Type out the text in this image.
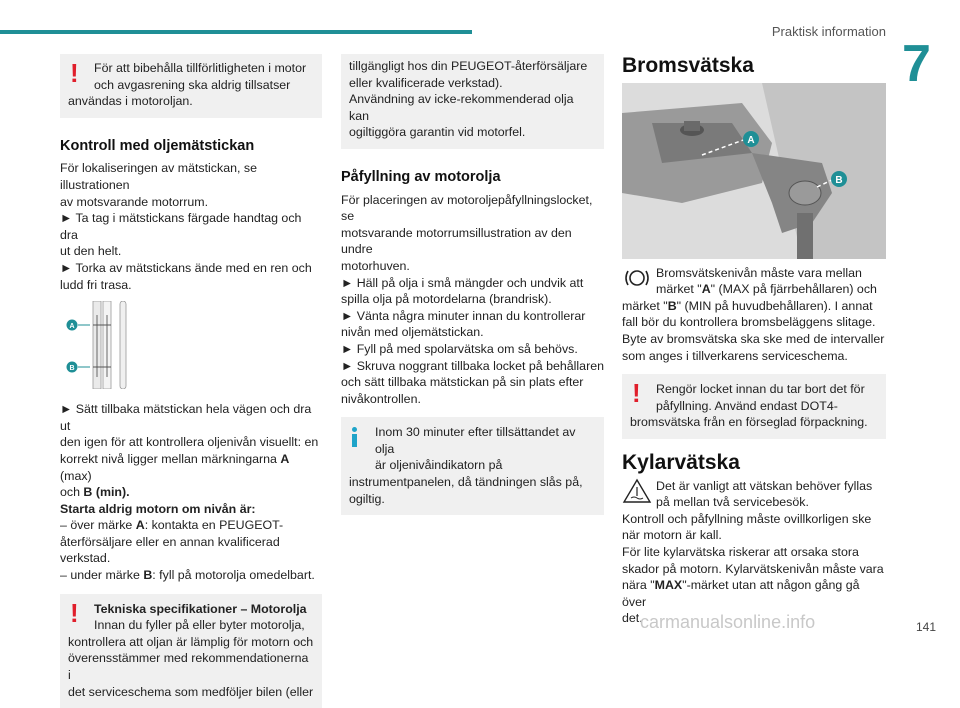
Praktisk information
7
!	För att bibehålla tillförlitligheten i motor

och avgasrening ska aldrig tillsatser

användas i motoroljan.

Kontroll med oljemätstickan

För lokaliseringen av mätstickan, se illustrationen

av motsvarande motorrum.

► Ta tag i mätstickans färgade handtag och dra

ut den helt.

► Torka av mätstickans ände med en ren och

ludd fri trasa.

A
B

► Sätt tillbaka mätstickan hela vägen och dra ut

den igen för att kontrollera oljenivån visuellt: en

korrekt nivå ligger mellan märkningarna A (max)

och B (min).

Starta aldrig motorn om nivån är:

– över märke A: kontakta en PEUGEOT-

återförsäljare eller en annan kvalificerad

verkstad.

– under märke B: fyll på motorolja omedelbart.

!	Tekniska specifikationer – Motorolja

Innan du fyller på eller byter motorolja,

kontrollera att oljan är lämplig för motorn och

överensstämmer med rekommendationerna i

det serviceschema som medföljer bilen (eller

tillgängligt hos din PEUGEOT-återförsäljare

eller kvalificerade verkstad).

Användning av icke-rekommenderad olja kan

ogiltiggöra garantin vid motorfel.

Påfyllning av motorolja

För placeringen av motoroljepåfyllningslocket, se

motsvarande motorrumsillustration av den undre

motorhuven.

► Häll på olja i små mängder och undvik att

spilla olja på motordelarna (brandrisk).

► Vänta några minuter innan du kontrollerar

nivån med oljemätstickan.

► Fyll på med spolarvätska om så behövs.

► Skruva noggrant tillbaka locket på behållaren

och sätt tillbaka mätstickan på sin plats efter

nivåkontrollen.

Inom 30 minuter efter tillsättandet av olja

är oljenivåindikatorn på

instrumentpanelen, då tändningen slås på,

ogiltig.

Bromsvätska
A
B

Bromsvätskenivån måste vara mellan

märket "A" (MAX på fjärrbehållaren) och

märket "B" (MIN på huvudbehållaren). I annat

fall bör du kontrollera bromsbeläggens slitage.

Byte av bromsvätska ska ske med de intervaller

som anges i tillverkarens serviceschema.

!	Rengör locket innan du tar bort det för

påfyllning. Använd endast DOT4-

bromsvätska från en förseglad förpackning.

Kylarvätska

Det är vanligt att vätskan behöver fyllas

på mellan två servicebesök.

Kontroll och påfyllning måste ovillkorligen ske

när motorn är kall.

För lite kylarvätska riskerar att orsaka stora

skador på motorn. Kylarvätskenivån måste vara

nära "MAX"-märket utan att någon gång gå över

det.

carmanualsonline.info	141
